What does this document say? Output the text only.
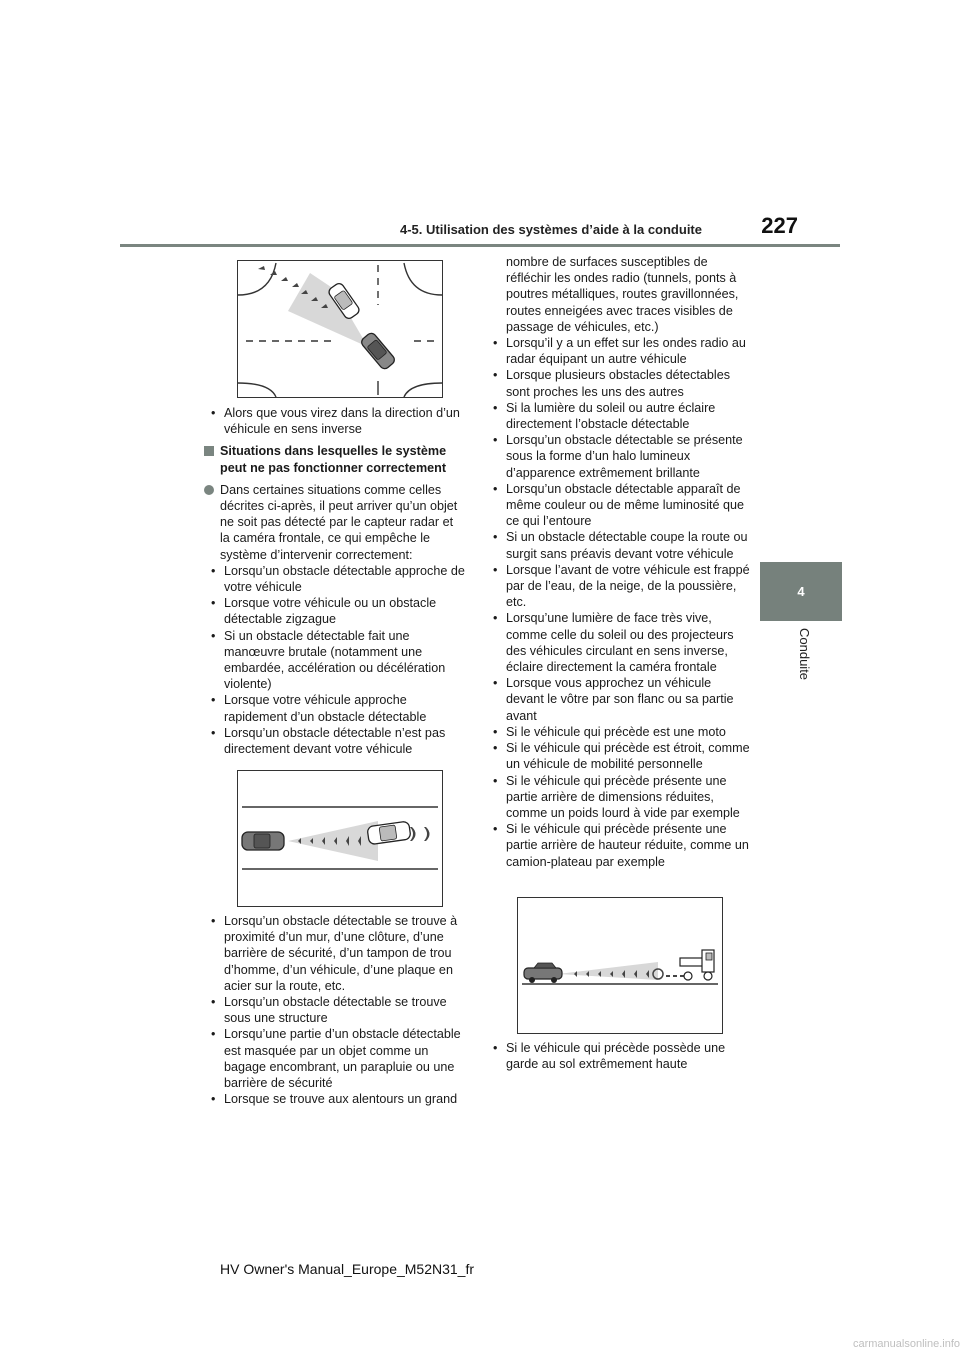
4-5. Utilisation des systèmes d’aide à la conduite	227
4
Conduite
• Alors que vous virez dans la direction d’un véhicule en sens inverse
Situations dans lesquelles le système peut ne pas fonctionner correctement
Dans certaines situations comme celles décrites ci-après, il peut arriver qu’un objet ne soit pas détecté par le capteur radar et la caméra frontale, ce qui empêche le système d’intervenir correctement:
• Lorsqu’un obstacle détectable approche de votre véhicule
• Lorsque votre véhicule ou un obstacle détectable zigzague
• Si un obstacle détectable fait une manœuvre brutale (notamment une embardée, accélération ou décélération violente)
• Lorsque votre véhicule approche rapidement d’un obstacle détectable
• Lorsqu’un obstacle détectable n’est pas directement devant votre véhicule
• Lorsqu’un obstacle détectable se trouve à proximité d’un mur, d’une clôture, d’une barrière de sécurité, d’un tampon de trou d’homme, d’un véhicule, d’une plaque en acier sur la route, etc.
• Lorsqu’un obstacle détectable se trouve sous une structure
• Lorsqu’une partie d’un obstacle détectable est masquée par un objet comme un bagage encombrant, un parapluie ou une barrière de sécurité
• Lorsque se trouve aux alentours un grand
nombre de surfaces susceptibles de réfléchir les ondes radio (tunnels, ponts à poutres métalliques, routes gravillonnées, routes enneigées avec traces visibles de passage de véhicules, etc.)
• Lorsqu’il y a un effet sur les ondes radio au radar équipant un autre véhicule
• Lorsque plusieurs obstacles détectables sont proches les uns des autres
• Si la lumière du soleil ou autre éclaire directement l’obstacle détectable
• Lorsqu’un obstacle détectable se présente sous la forme d’un halo lumineux d’apparence extrêmement brillante
• Lorsqu’un obstacle détectable apparaît de même couleur ou de même luminosité que ce qui l’entoure
• Si un obstacle détectable coupe la route ou surgit sans préavis devant votre véhicule
• Lorsque l’avant de votre véhicule est frappé par de l’eau, de la neige, de la poussière, etc.
• Lorsqu’une lumière de face très vive, comme celle du soleil ou des projecteurs des véhicules circulant en sens inverse, éclaire directement la caméra frontale
• Lorsque vous approchez un véhicule devant le vôtre par son flanc ou sa partie avant
• Si le véhicule qui précède est une moto
• Si le véhicule qui précède est étroit, comme un véhicule de mobilité personnelle
• Si le véhicule qui précède présente une partie arrière de dimensions réduites, comme un poids lourd à vide par exemple
• Si le véhicule qui précède présente une partie arrière de hauteur réduite, comme un camion-plateau par exemple
• Si le véhicule qui précède possède une garde au sol extrêmement haute
HV Owner's Manual_Europe_M52N31_fr
carmanualsonline.info
